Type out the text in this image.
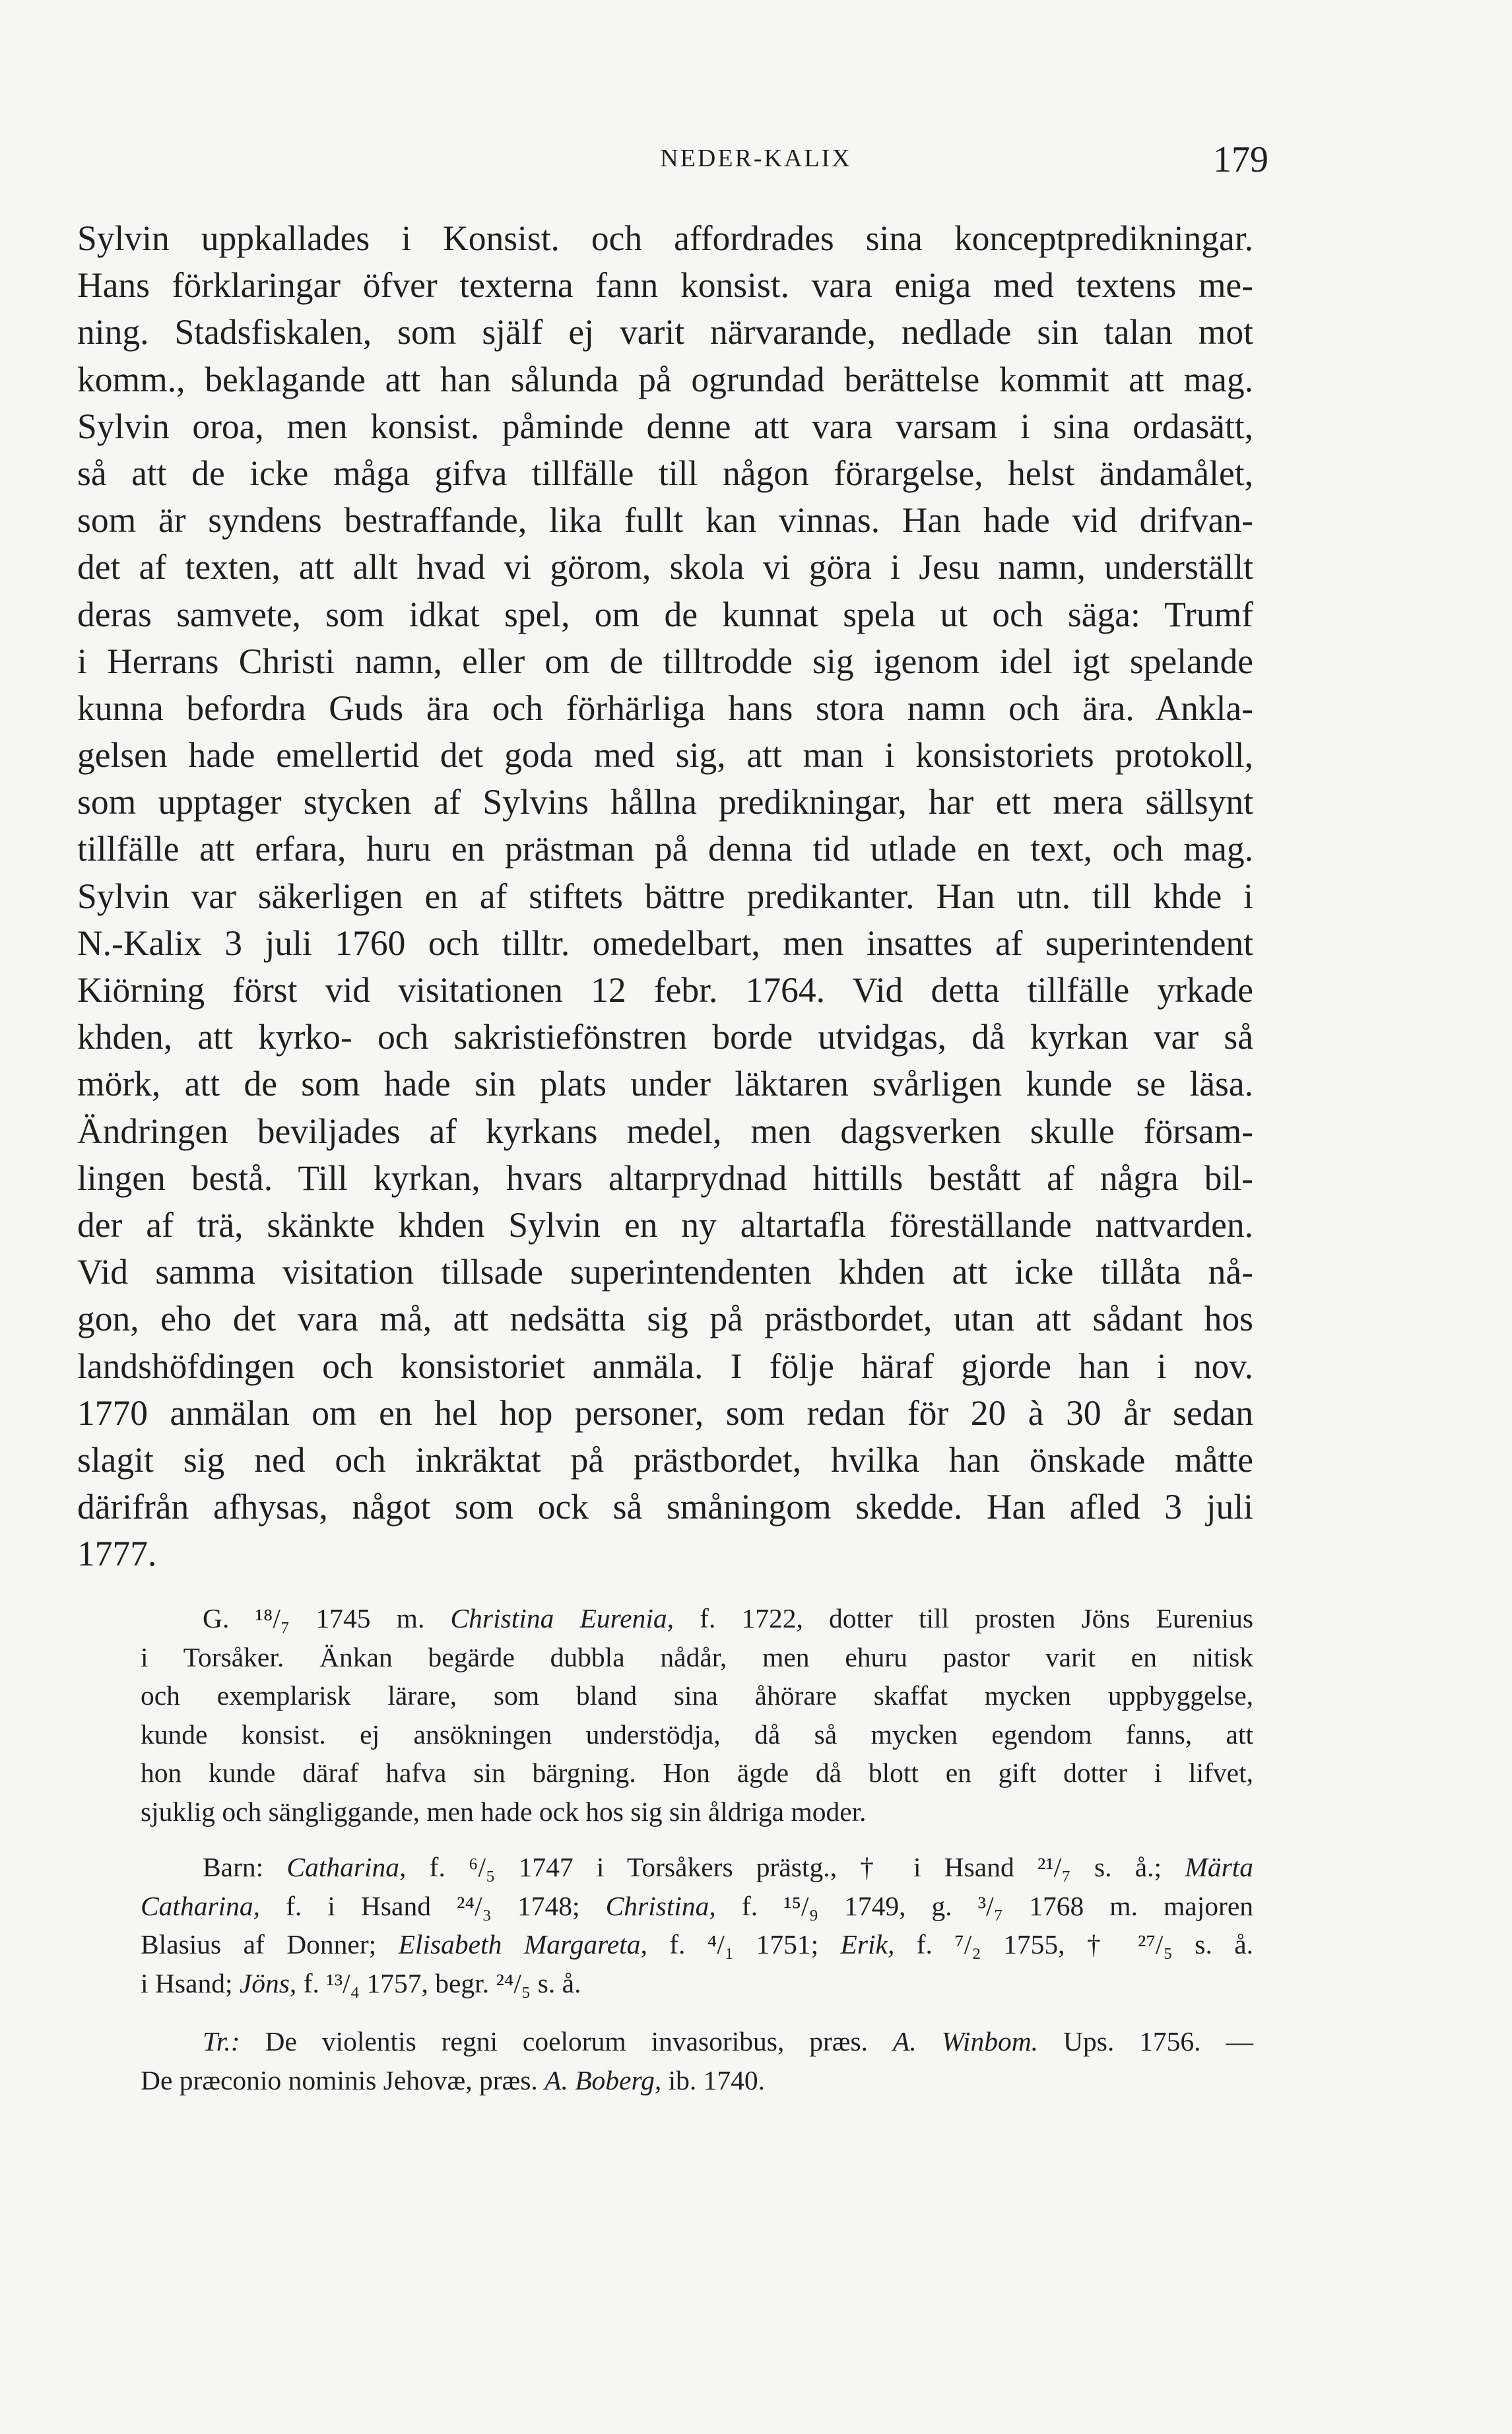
NEDER-KALIX	179
Sylvin uppkallades i Konsist. och affordrades sina konceptpredikningar.
Hans förklaringar öfver texterna fann konsist. vara eniga med textens me-
ning. Stadsfiskalen, som själf ej varit närvarande, nedlade sin talan mot
komm., beklagande att han sålunda på ogrundad berättelse kommit att mag.
Sylvin oroa, men konsist. påminde denne att vara varsam i sina ordasätt,
så att de icke måga gifva tillfälle till någon förargelse, helst ändamålet,
som är syndens bestraffande, lika fullt kan vinnas. Han hade vid drifvan-
det af texten, att allt hvad vi görom, skola vi göra i Jesu namn, underställt
deras samvete, som idkat spel, om de kunnat spela ut och säga: Trumf
i Herrans Christi namn, eller om de tilltrodde sig igenom idel igt spelande
kunna befordra Guds ära och förhärliga hans stora namn och ära. Ankla-
gelsen hade emellertid det goda med sig, att man i konsistoriets protokoll,
som upptager stycken af Sylvins hållna predikningar, har ett mera sällsynt
tillfälle att erfara, huru en prästman på denna tid utlade en text, och mag.
Sylvin var säkerligen en af stiftets bättre predikanter. Han utn. till khde i
N.-Kalix 3 juli 1760 och tilltr. omedelbart, men insattes af superintendent
Kiörning först vid visitationen 12 febr. 1764. Vid detta tillfälle yrkade
khden, att kyrko- och sakristiefönstren borde utvidgas, då kyrkan var så
mörk, att de som hade sin plats under läktaren svårligen kunde se läsa.
Ändringen beviljades af kyrkans medel, men dagsverken skulle försam-
lingen bestå. Till kyrkan, hvars altarprydnad hittills bestått af några bil-
der af trä, skänkte khden Sylvin en ny altartafla föreställande nattvarden.
Vid samma visitation tillsade superintendenten khden att icke tillåta nå-
gon, eho det vara må, att nedsätta sig på prästbordet, utan att sådant hos
landshöfdingen och konsistoriet anmäla. I följe häraf gjorde han i nov.
1770 anmälan om en hel hop personer, som redan för 20 à 30 år sedan
slagit sig ned och inkräktat på prästbordet, hvilka han önskade måtte
därifrån afhysas, något som ock så småningom skedde. Han afled 3 juli
1777.
G. ¹⁸/₇ 1745 m. Christina Eurenia, f. 1722, dotter till prosten Jöns Eurenius
i Torsåker. Änkan begärde dubbla nådår, men ehuru pastor varit en nitisk
och exemplarisk lärare, som bland sina åhörare skaffat mycken uppbyggelse,
kunde konsist. ej ansökningen understödja, då så mycken egendom fanns, att
hon kunde däraf hafva sin bärgning. Hon ägde då blott en gift dotter i lifvet,
sjuklig och sängliggande, men hade ock hos sig sin åldriga moder.
Barn: Catharina, f. ⁶/₅ 1747 i Torsåkers prästg., † i Hsand ²¹/₇ s. å.; Märta
Catharina, f. i Hsand ²⁴/₃ 1748; Christina, f. ¹⁵/₉ 1749, g. ³/₇ 1768 m. majoren
Blasius af Donner; Elisabeth Margareta, f. ⁴/₁ 1751; Erik, f. ⁷/₂ 1755, † ²⁷/₅ s. å.
i Hsand; Jöns, f. ¹³/₄ 1757, begr. ²⁴/₅ s. å.
Tr.: De violentis regni coelorum invasoribus, præs. A. Winbom. Ups. 1756. —
De præconio nominis Jehovæ, præs. A. Boberg, ib. 1740.
